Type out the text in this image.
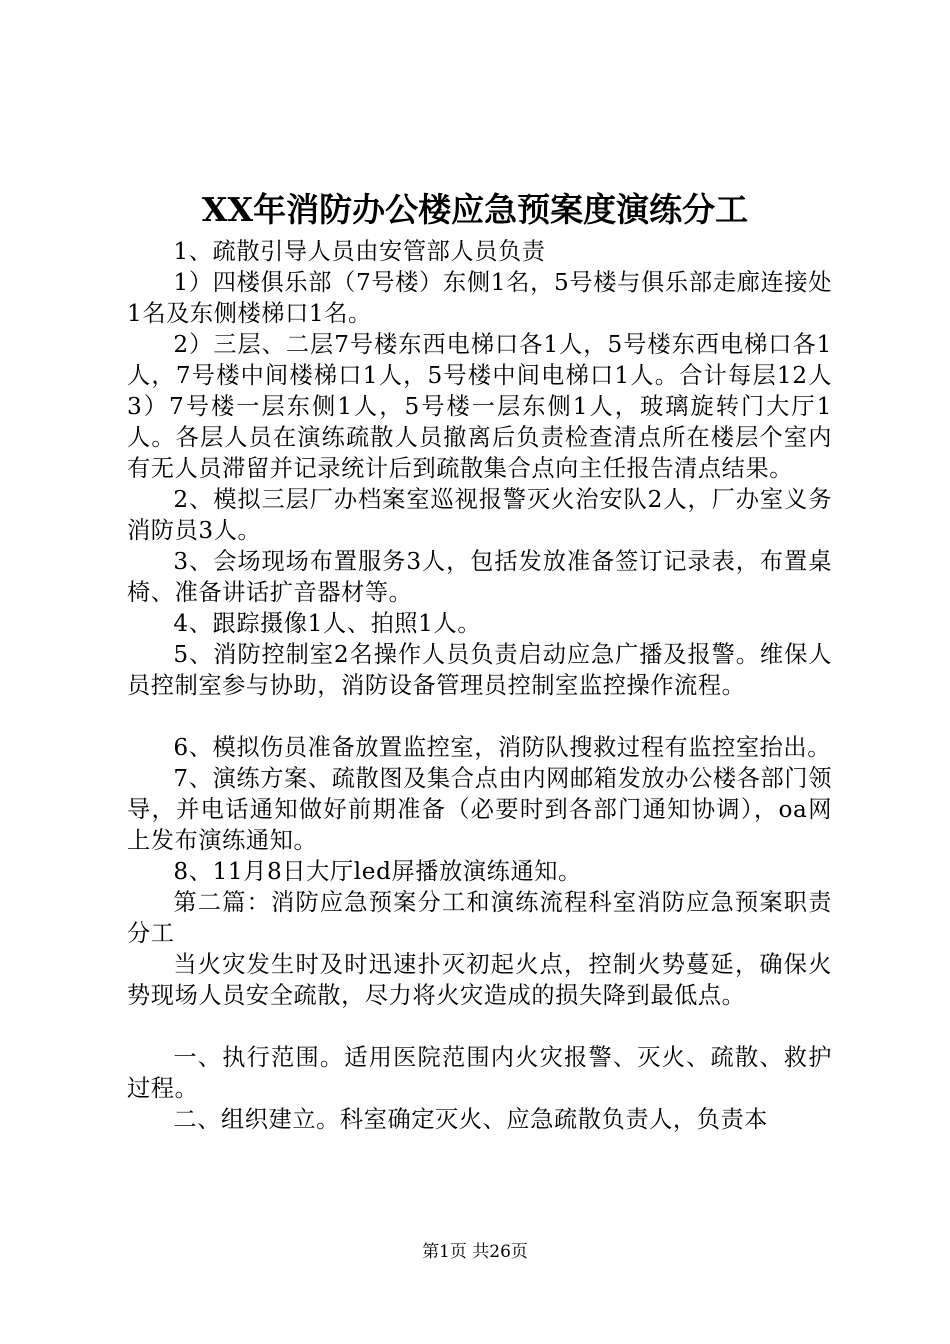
XX年消防办公楼应急预案度演练分工

1、疏散引导人员由安管部人员负责

1）四楼俱乐部（7号楼）东侧1名，5号楼与俱乐部走廊连接处1名及东侧楼梯口1名。

2）三层、二层7号楼东西电梯口各1人，5号楼东西电梯口各1人，7号楼中间楼梯口1人，5号楼中间电梯口1人。合计每层12人3）7号楼一层东侧1人，5号楼一层东侧1人，玻璃旋转门大厅1人。各层人员在演练疏散人员撤离后负责检查清点所在楼层个室内有无人员滞留并记录统计后到疏散集合点向主任报告清点结果。

2、模拟三层厂办档案室巡视报警灭火治安队2人，厂办室义务消防员3人。

3、会场现场布置服务3人，包括发放准备签订记录表，布置桌椅、准备讲话扩音器材等。

4、跟踪摄像1人、拍照1人。

5、消防控制室2名操作人员负责启动应急广播及报警。维保人员控制室参与协助，消防设备管理员控制室监控操作流程。

6、模拟伤员准备放置监控室，消防队搜救过程有监控室抬出。

7、演练方案、疏散图及集合点由内网邮箱发放办公楼各部门领导，并电话通知做好前期准备（必要时到各部门通知协调），oa网上发布演练通知。

8、11月8日大厅led屏播放演练通知。

第二篇：消防应急预案分工和演练流程科室消防应急预案职责分工

当火灾发生时及时迅速扑灭初起火点，控制火势蔓延，确保火势现场人员安全疏散，尽力将火灾造成的损失降到最低点。

一、执行范围。适用医院范围内火灾报警、灭火、疏散、救护过程。

二、组织建立。科室确定灭火、应急疏散负责人，负责本

第1页 共26页
